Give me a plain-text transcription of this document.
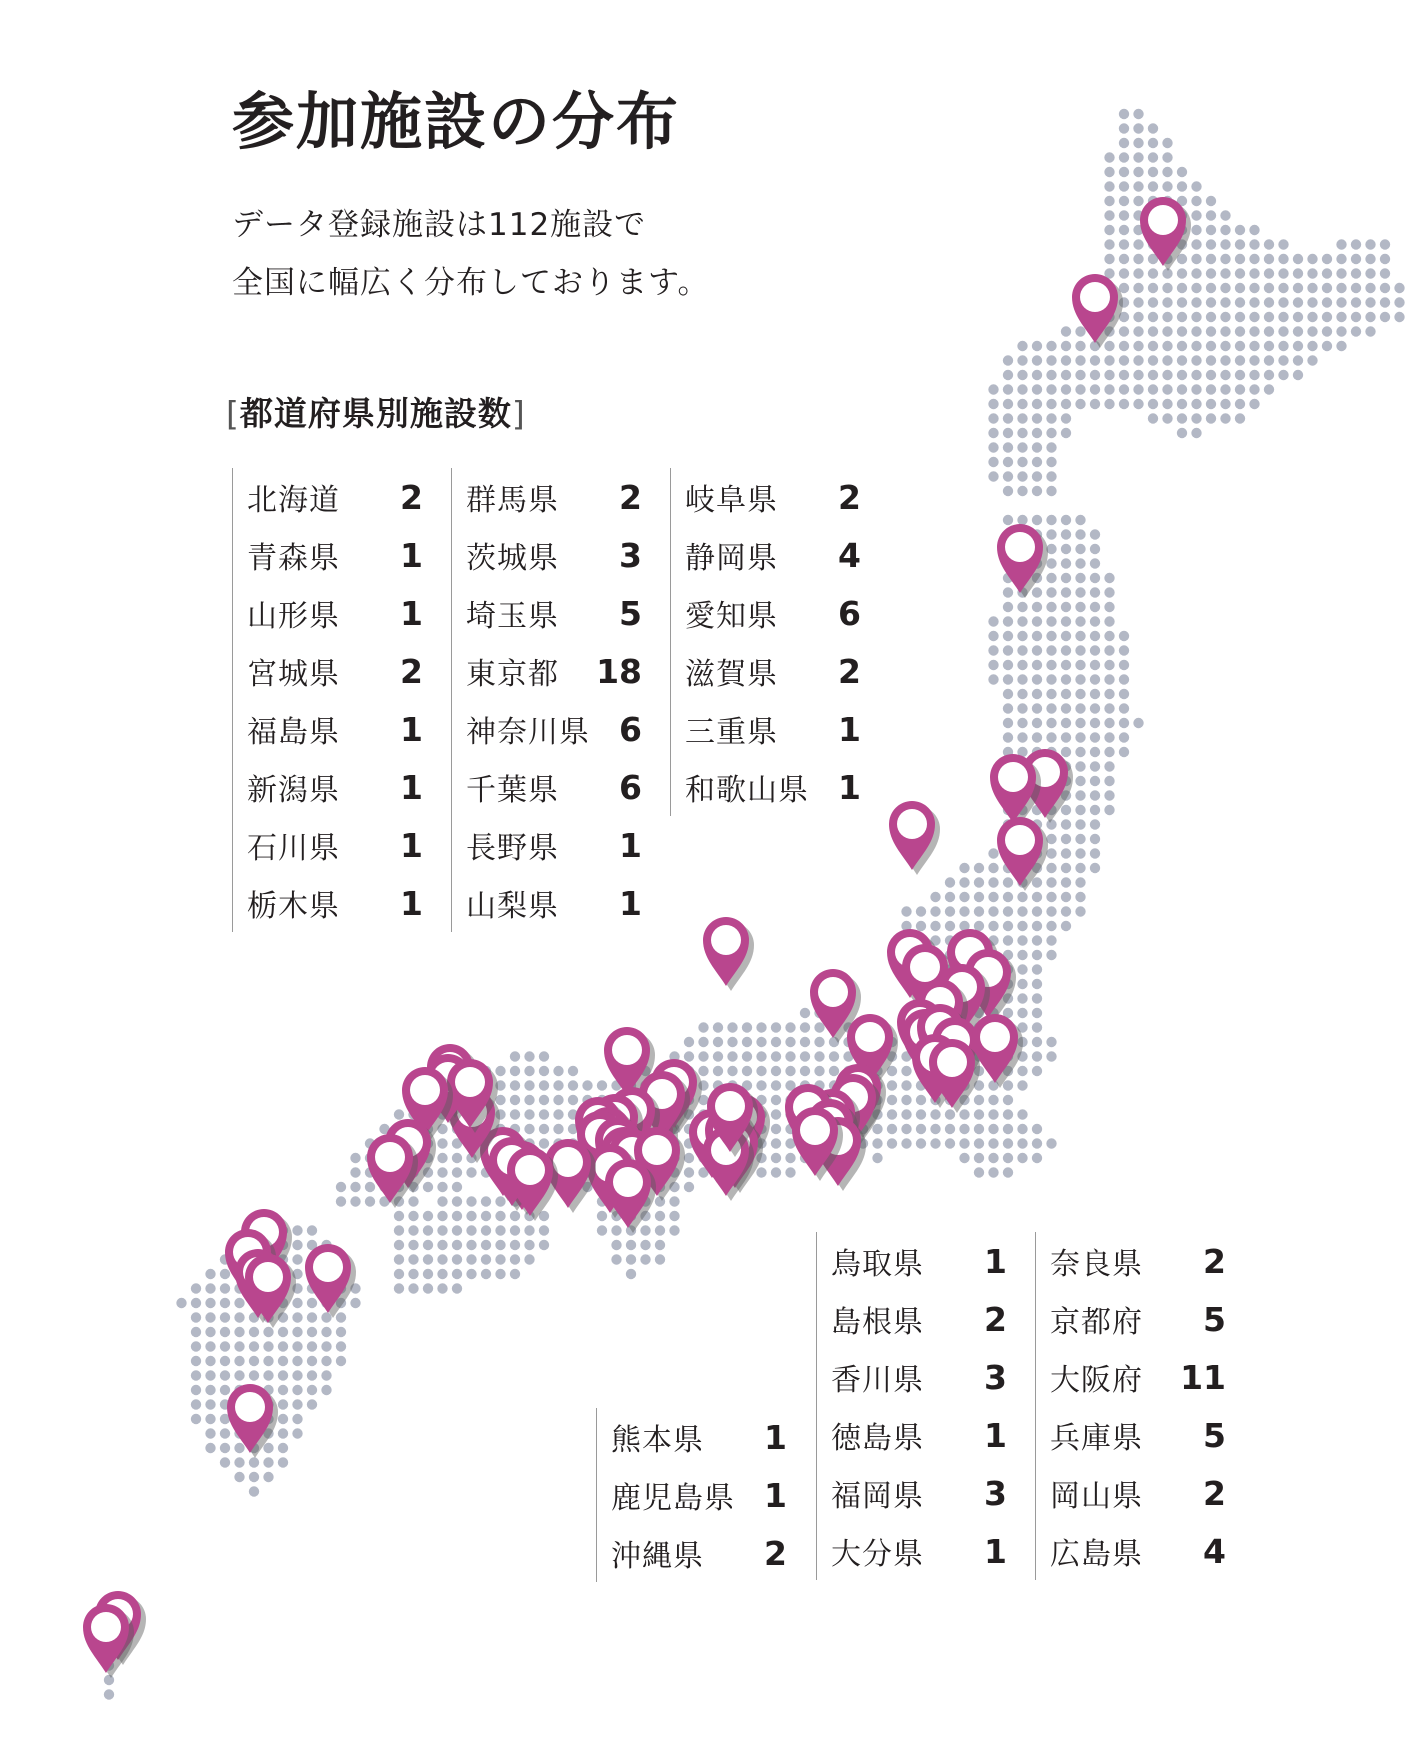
参加施設の分布

データ登録施設は112施設で

全国に幅広く分布しております。

[都道府県別施設数]
北海道 2
青森県 1
山形県 1
宮城県 2
福島県 1
新潟県 1
石川県 1
栃木県 1
群馬県 2
茨城県 3
埼玉県 5
東京都 18
神奈川県 6
千葉県 6
長野県 1
山梨県 1
岐阜県 2
静岡県 4
愛知県 6
滋賀県 2
三重県 1
和歌山県 1
熊本県 1
鹿児島県 1
沖縄県 2
鳥取県 1
島根県 2
香川県 3
徳島県 1
福岡県 3
大分県 1
奈良県 2
京都府 5
大阪府 11
兵庫県 5
岡山県 2
広島県 4
